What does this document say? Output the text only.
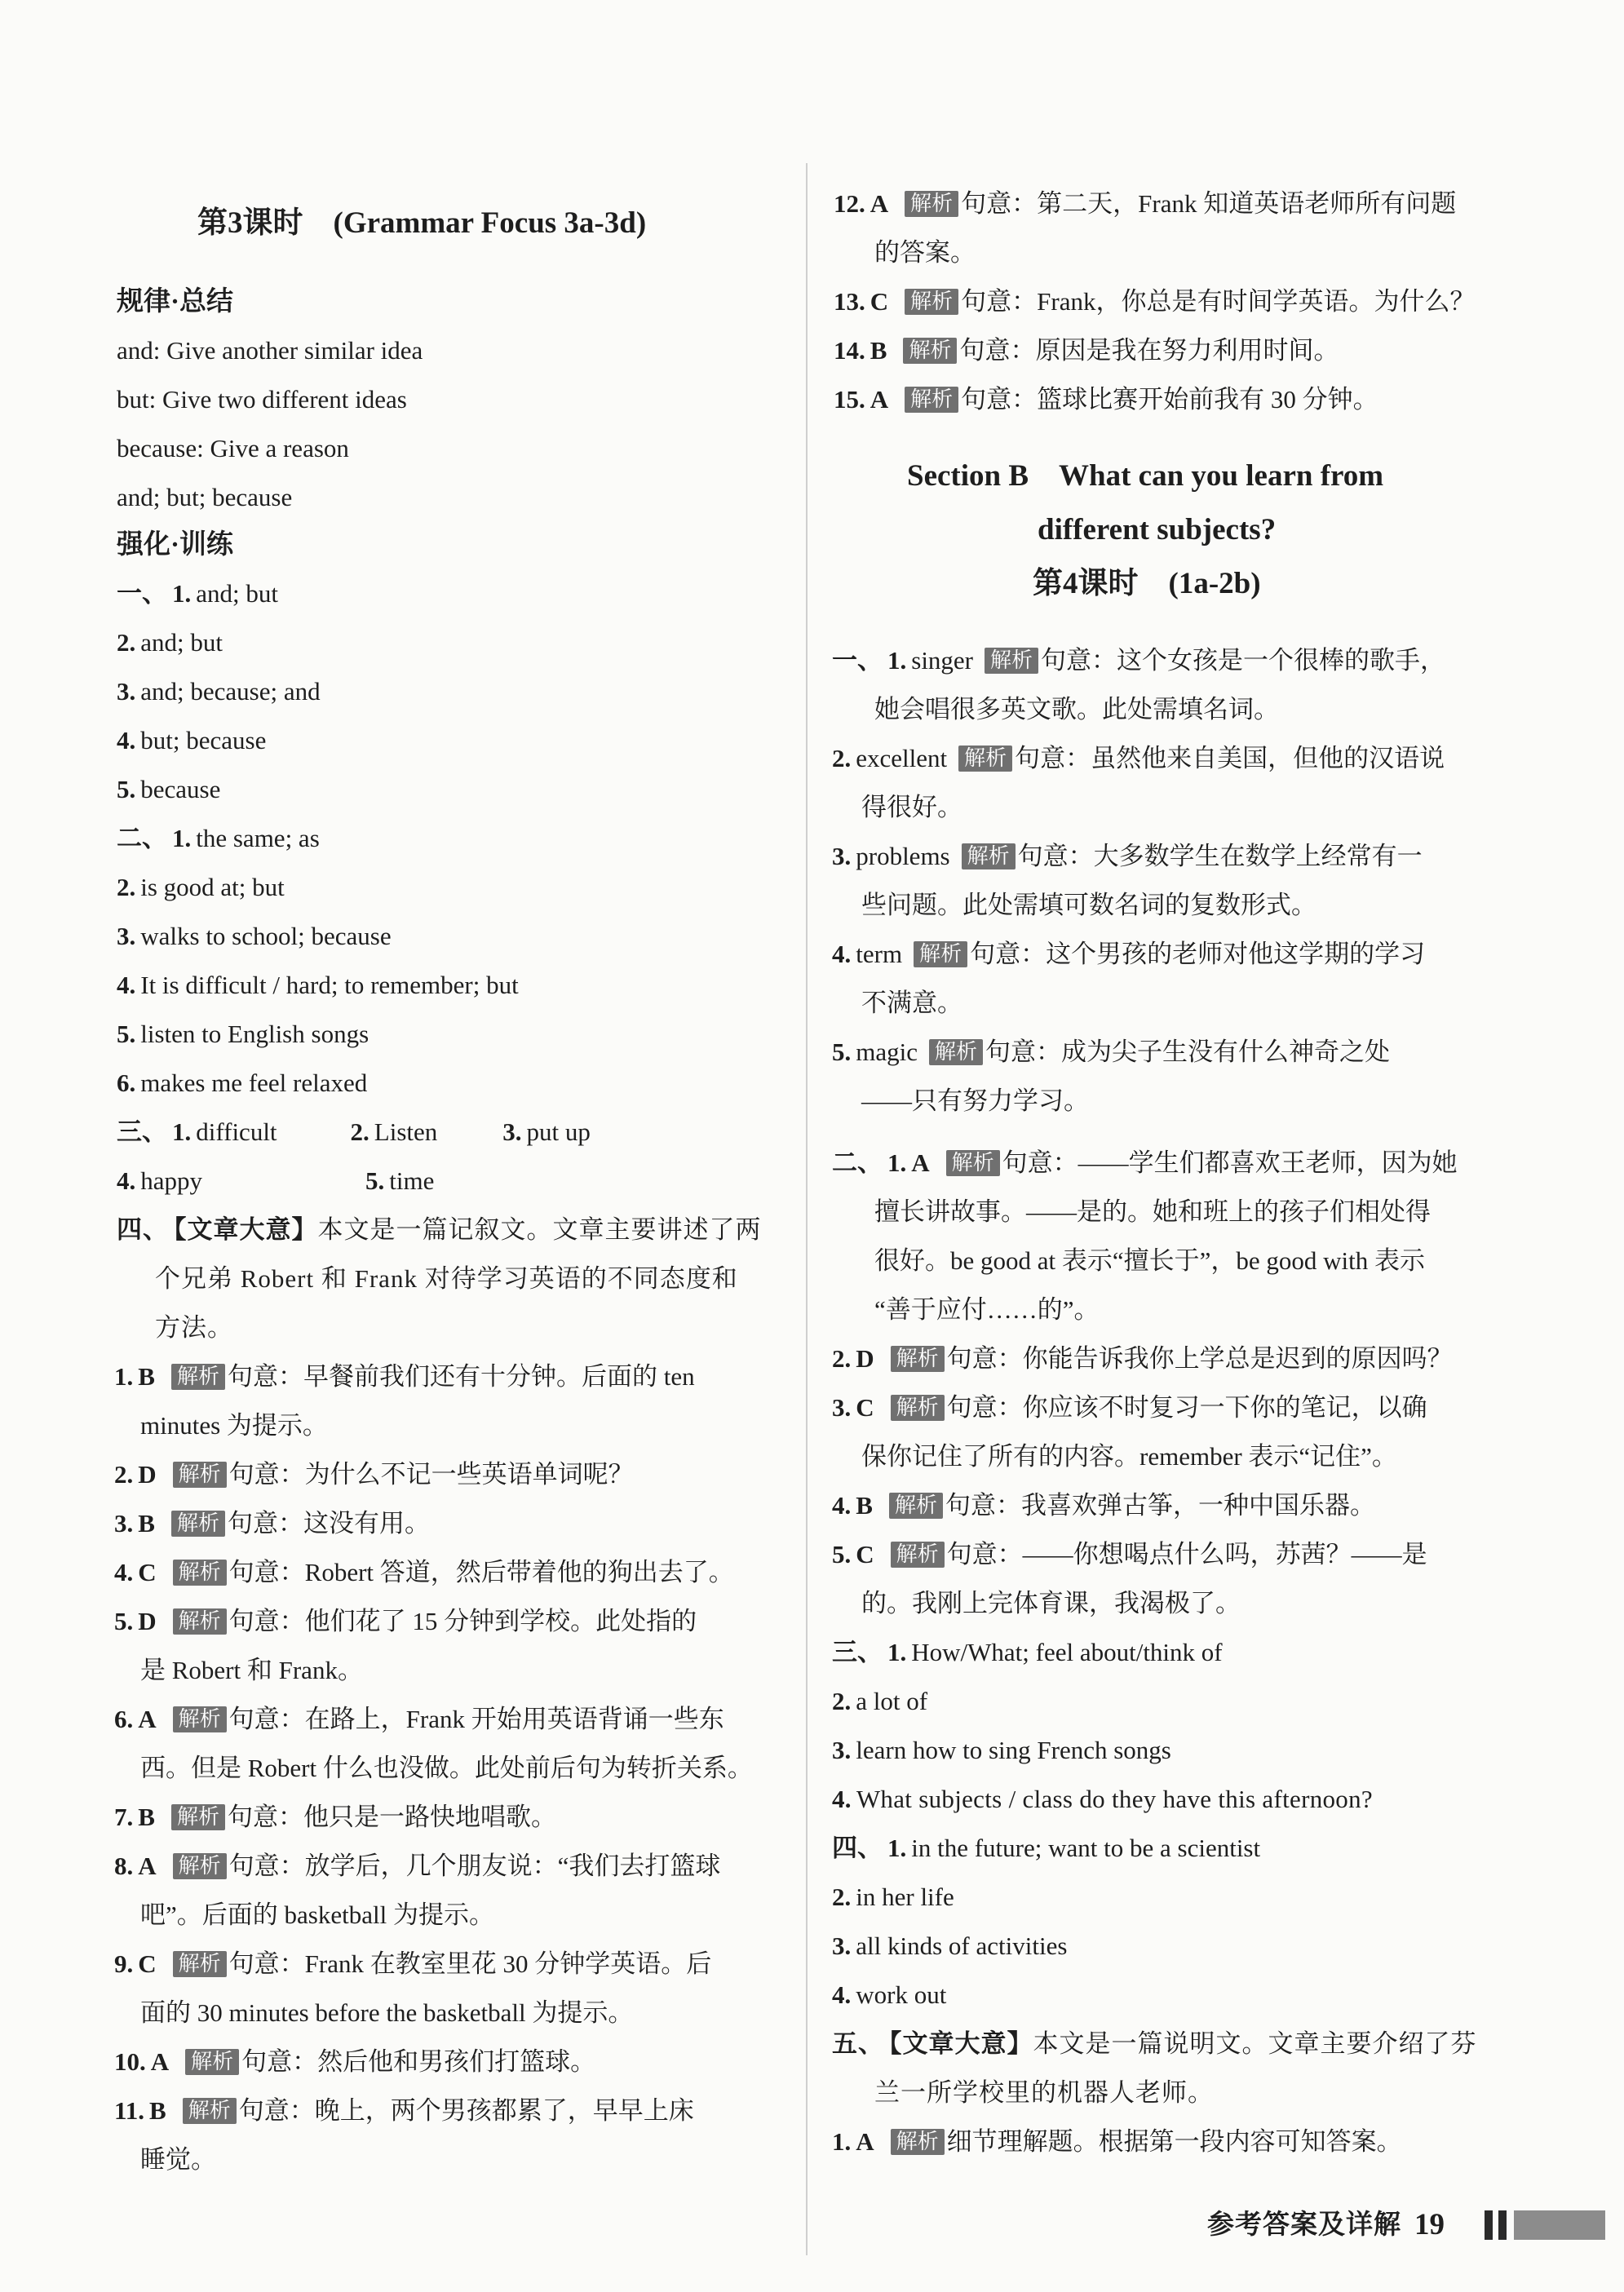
第3课时　(Grammar Focus 3a-3d)
规律·总结
and: Give another similar idea
but: Give two different ideas
because: Give a reason
and; but; because
强化·训练
一、 1. and; but
2. and; but
3. and; because; and
4. but; because
5. because
二、 1. the same; as
2. is good at; but
3. walks to school; because
4. It is difficult / hard; to remember; but
5. listen to English songs
6. makes me feel relaxed
三、 1. difficult	2. Listen	3. put up
4. happy	5. time
四、 【文章大意】本文是一篇记叙文。文章主要讲述了两
个兄弟 Robert 和 Frank 对待学习英语的不同态度和
方法。
1. B 解析 句意：早餐前我们还有十分钟。后面的 ten
minutes 为提示。
2. D 解析 句意：为什么不记一些英语单词呢？
3. B 解析 句意：这没有用。
4. C 解析 句意：Robert 答道，然后带着他的狗出去了。
5. D 解析 句意：他们花了 15 分钟到学校。此处指的
是 Robert 和 Frank。
6. A 解析 句意：在路上，Frank 开始用英语背诵一些东
西。但是 Robert 什么也没做。此处前后句为转折关系。
7. B 解析 句意：他只是一路快地唱歌。
8. A 解析 句意：放学后，几个朋友说：“我们去打篮球
吧”。后面的 basketball 为提示。
9. C 解析 句意：Frank 在教室里花 30 分钟学英语。后
面的 30 minutes before the basketball 为提示。
10. A 解析 句意：然后他和男孩们打篮球。
11. B 解析 句意：晚上，两个男孩都累了，早早上床
睡觉。
12. A 解析 句意：第二天，Frank 知道英语老师所有问题
的答案。
13. C 解析 句意：Frank，你总是有时间学英语。为什么？
14. B 解析 句意：原因是我在努力利用时间。
15. A 解析 句意：篮球比赛开始前我有 30 分钟。
Section B　What can you learn from
different subjects?
第4课时　(1a-2b)
一、 1. singer 解析 句意：这个女孩是一个很棒的歌手，
她会唱很多英文歌。此处需填名词。
2. excellent 解析 句意：虽然他来自美国，但他的汉语说
得很好。
3. problems 解析 句意：大多数学生在数学上经常有一
些问题。此处需填可数名词的复数形式。
4. term 解析 句意：这个男孩的老师对他这学期的学习
不满意。
5. magic 解析 句意：成为尖子生没有什么神奇之处
——只有努力学习。
二、 1. A 解析 句意：——学生们都喜欢王老师，因为她
擅长讲故事。——是的。她和班上的孩子们相处得
很好。be good at 表示“擅长于”，be good with 表示
“善于应付……的”。
2. D 解析 句意：你能告诉我你上学总是迟到的原因吗？
3. C 解析 句意：你应该不时复习一下你的笔记，以确
保你记住了所有的内容。remember 表示“记住”。
4. B 解析 句意：我喜欢弹古筝，一种中国乐器。
5. C 解析 句意：——你想喝点什么吗，苏茜？——是
的。我刚上完体育课，我渴极了。
三、 1. How/What; feel about/think of
2. a lot of
3. learn how to sing French songs
4. What subjects / class do they have this afternoon?
四、 1. in the future; want to be a scientist
2. in her life
3. all kinds of activities
4. work out
五、 【文章大意】本文是一篇说明文。文章主要介绍了芬
兰一所学校里的机器人老师。
1. A 解析 细节理解题。根据第一段内容可知答案。
参考答案及详解 19
